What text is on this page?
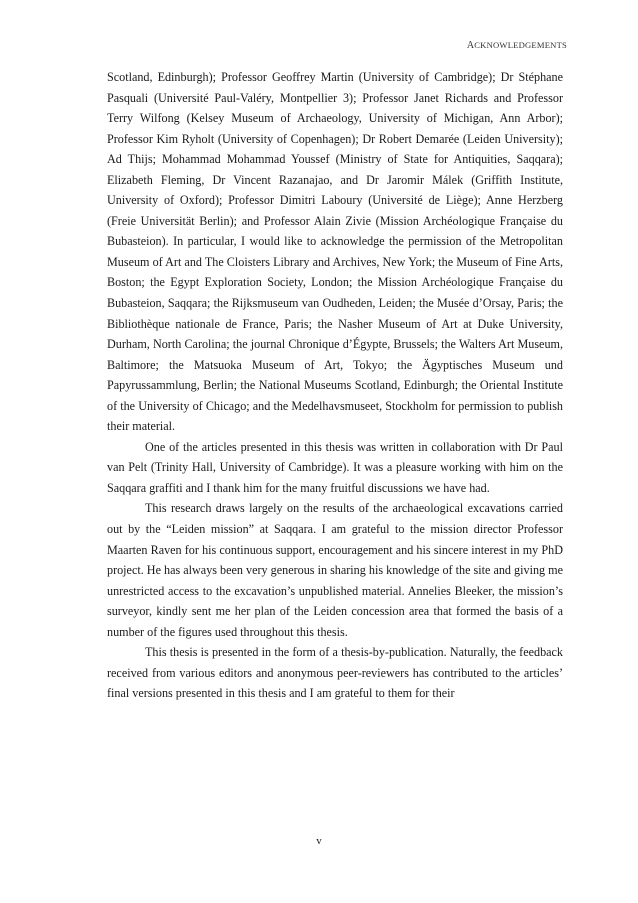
ACKNOWLEDGEMENTS

Scotland, Edinburgh); Professor Geoffrey Martin (University of Cambridge); Dr Stéphane Pasquali (Université Paul-Valéry, Montpellier 3); Professor Janet Richards and Professor Terry Wilfong (Kelsey Museum of Archaeology, University of Michigan, Ann Arbor); Professor Kim Ryholt (University of Copenhagen); Dr Robert Demarée (Leiden University); Ad Thijs; Mohammad Mohammad Youssef (Ministry of State for Antiquities, Saqqara); Elizabeth Fleming, Dr Vincent Razanajao, and Dr Jaromir Málek (Griffith Institute, University of Oxford); Professor Dimitri Laboury (Université de Liège); Anne Herzberg (Freie Universität Berlin); and Professor Alain Zivie (Mission Archéologique Française du Bubasteion). In particular, I would like to acknowledge the permission of the Metropolitan Museum of Art and The Cloisters Library and Archives, New York; the Museum of Fine Arts, Boston; the Egypt Exploration Society, London; the Mission Archéologique Française du Bubasteion, Saqqara; the Rijksmuseum van Oudheden, Leiden; the Musée d’Orsay, Paris; the Bibliothèque nationale de France, Paris; the Nasher Museum of Art at Duke University, Durham, North Carolina; the journal Chronique d’Égypte, Brussels; the Walters Art Museum, Baltimore; the Matsuoka Museum of Art, Tokyo; the Ägyptisches Museum und Papyrussammlung, Berlin; the National Museums Scotland, Edinburgh; the Oriental Institute of the University of Chicago; and the Medelhavsmuseet, Stockholm for permission to publish their material.

One of the articles presented in this thesis was written in collaboration with Dr Paul van Pelt (Trinity Hall, University of Cambridge). It was a pleasure working with him on the Saqqara graffiti and I thank him for the many fruitful discussions we have had.

This research draws largely on the results of the archaeological excavations carried out by the “Leiden mission” at Saqqara. I am grateful to the mission director Professor Maarten Raven for his continuous support, encouragement and his sincere interest in my PhD project. He has always been very generous in sharing his knowledge of the site and giving me unrestricted access to the excavation’s unpublished material. Annelies Bleeker, the mission’s surveyor, kindly sent me her plan of the Leiden concession area that formed the basis of a number of the figures used throughout this thesis.

This thesis is presented in the form of a thesis-by-publication. Naturally, the feedback received from various editors and anonymous peer-reviewers has contributed to the articles’ final versions presented in this thesis and I am grateful to them for their

v
